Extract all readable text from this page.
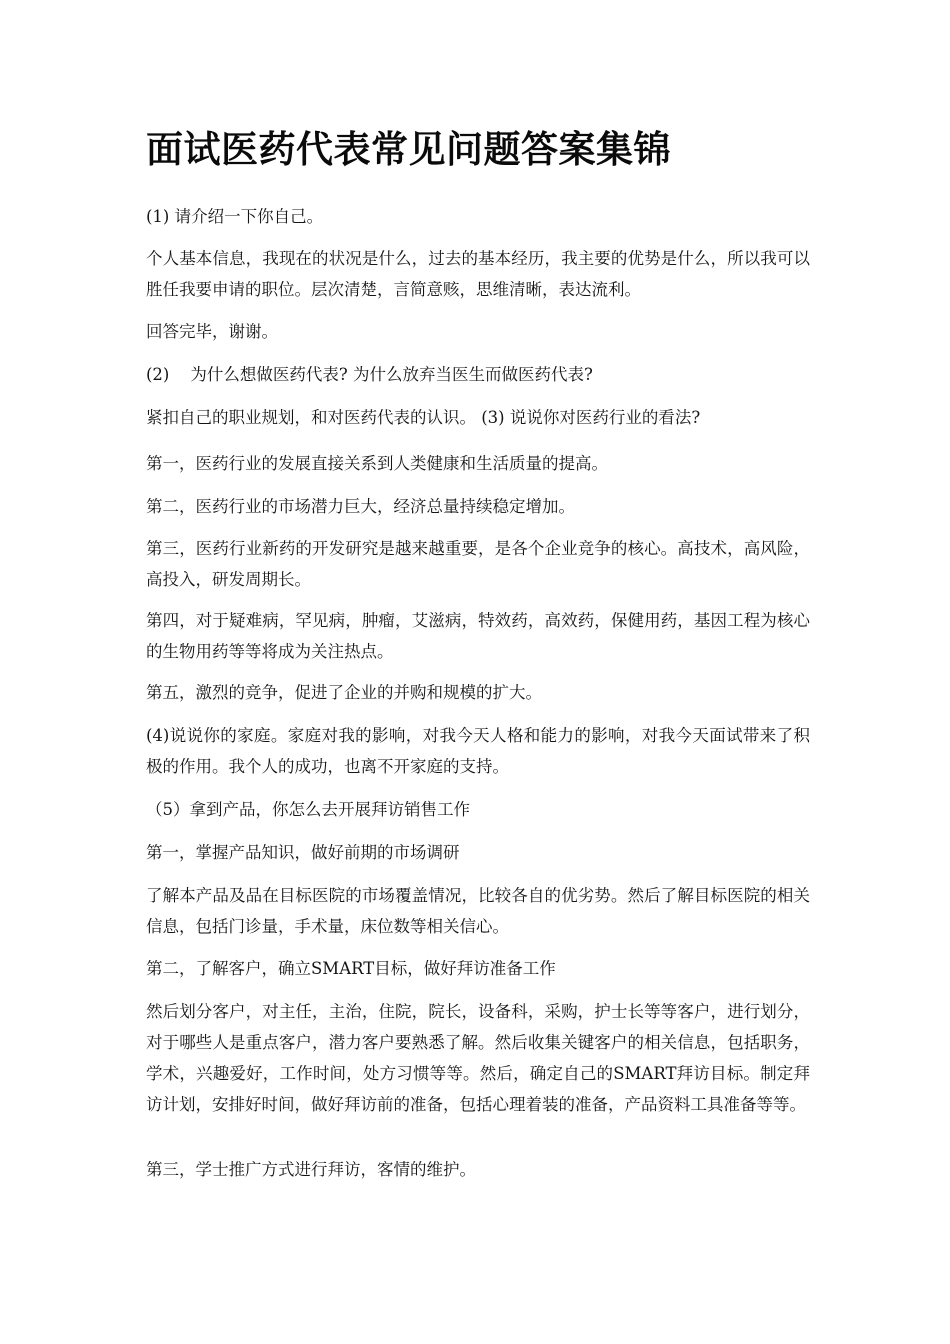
面试医药代表常见问题答案集锦

(1) 请介绍一下你自己。

个人基本信息，我现在的状况是什么，过去的基本经历，我主要的优势是什么，所以我可以胜任我要申请的职位。层次清楚，言简意赅，思维清晰，表达流利。

回答完毕，谢谢。

(2)    为什么想做医药代表? 为什么放弃当医生而做医药代表?

紧扣自己的职业规划，和对医药代表的认识。 (3) 说说你对医药行业的看法?

第一，医药行业的发展直接关系到人类健康和生活质量的提高。

第二，医药行业的市场潜力巨大，经济总量持续稳定增加。

第三，医药行业新药的开发研究是越来越重要，是各个企业竞争的核心。高技术，高风险，高投入，研发周期长。

第四，对于疑难病，罕见病，肿瘤，艾滋病，特效药，高效药，保健用药，基因工程为核心的生物用药等等将成为关注热点。

第五，激烈的竞争，促进了企业的并购和规模的扩大。

(4)说说你的家庭。家庭对我的影响，对我今天人格和能力的影响，对我今天面试带来了积极的作用。我个人的成功，也离不开家庭的支持。

（5）拿到产品，你怎么去开展拜访销售工作

第一，掌握产品知识，做好前期的市场调研

了解本产品及品在目标医院的市场覆盖情况，比较各自的优劣势。然后了解目标医院的相关信息，包括门诊量，手术量，床位数等相关信心。

第二，了解客户，确立SMART目标，做好拜访准备工作

然后划分客户，对主任，主治，住院，院长，设备科，采购，护士长等等客户，进行划分，对于哪些人是重点客户，潜力客户要熟悉了解。然后收集关键客户的相关信息，包括职务，学术，兴趣爱好，工作时间，处方习惯等等。然后，确定自己的SMART拜访目标。制定拜访计划，安排好时间，做好拜访前的准备，包括心理着装的准备，产品资料工具准备等等。

第三，学士推广方式进行拜访，客情的维护。
